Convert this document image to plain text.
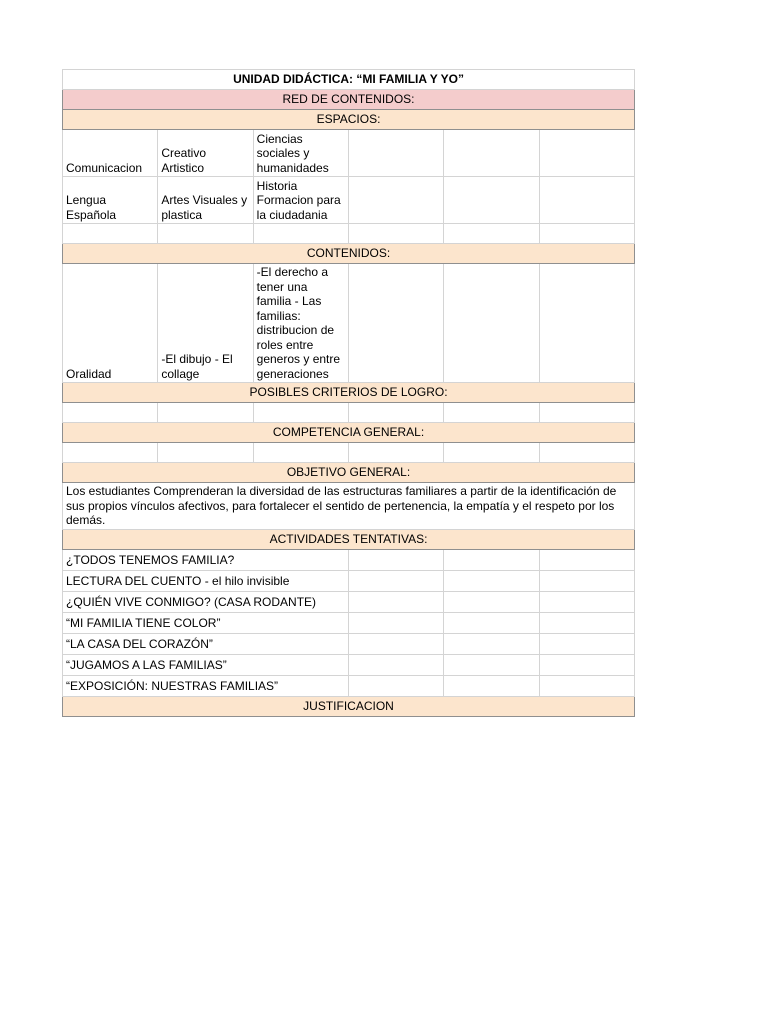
UNIDAD DIDÁCTICA: “MI FAMILIA Y YO”					
RED DE CONTENIDOS:					
ESPACIOS:					
Comunicacion	Creativo Artistico	Ciencias sociales y humanidades			
Lengua Española	Artes Visuales y plastica	Historia Formacion para la ciudadania			

CONTENIDOS:					
Oralidad	-El dibujo - El collage	-El derecho a tener una familia - Las familias: distribucion de roles entre generos y entre generaciones			
POSIBLES CRITERIOS DE LOGRO:					

COMPETENCIA GENERAL:					

OBJETIVO GENERAL:					
Los estudiantes Comprenderan la diversidad de las estructuras familiares a partir de la identificación de sus propios vínculos afectivos, para fortalecer el sentido de pertenencia, la empatía y el respeto por los demás.					
ACTIVIDADES TENTATIVAS:					
¿TODOS TENEMOS FAMILIA?					
LECTURA DEL CUENTO - el hilo invisible					
¿QUIÉN VIVE CONMIGO? (CASA RODANTE)					
“MI FAMILIA TIENE COLOR”					
“LA CASA DEL CORAZÓN”					
“JUGAMOS A LAS FAMILIAS”					
“EXPOSICIÓN: NUESTRAS FAMILIAS”					
JUSTIFICACION					
